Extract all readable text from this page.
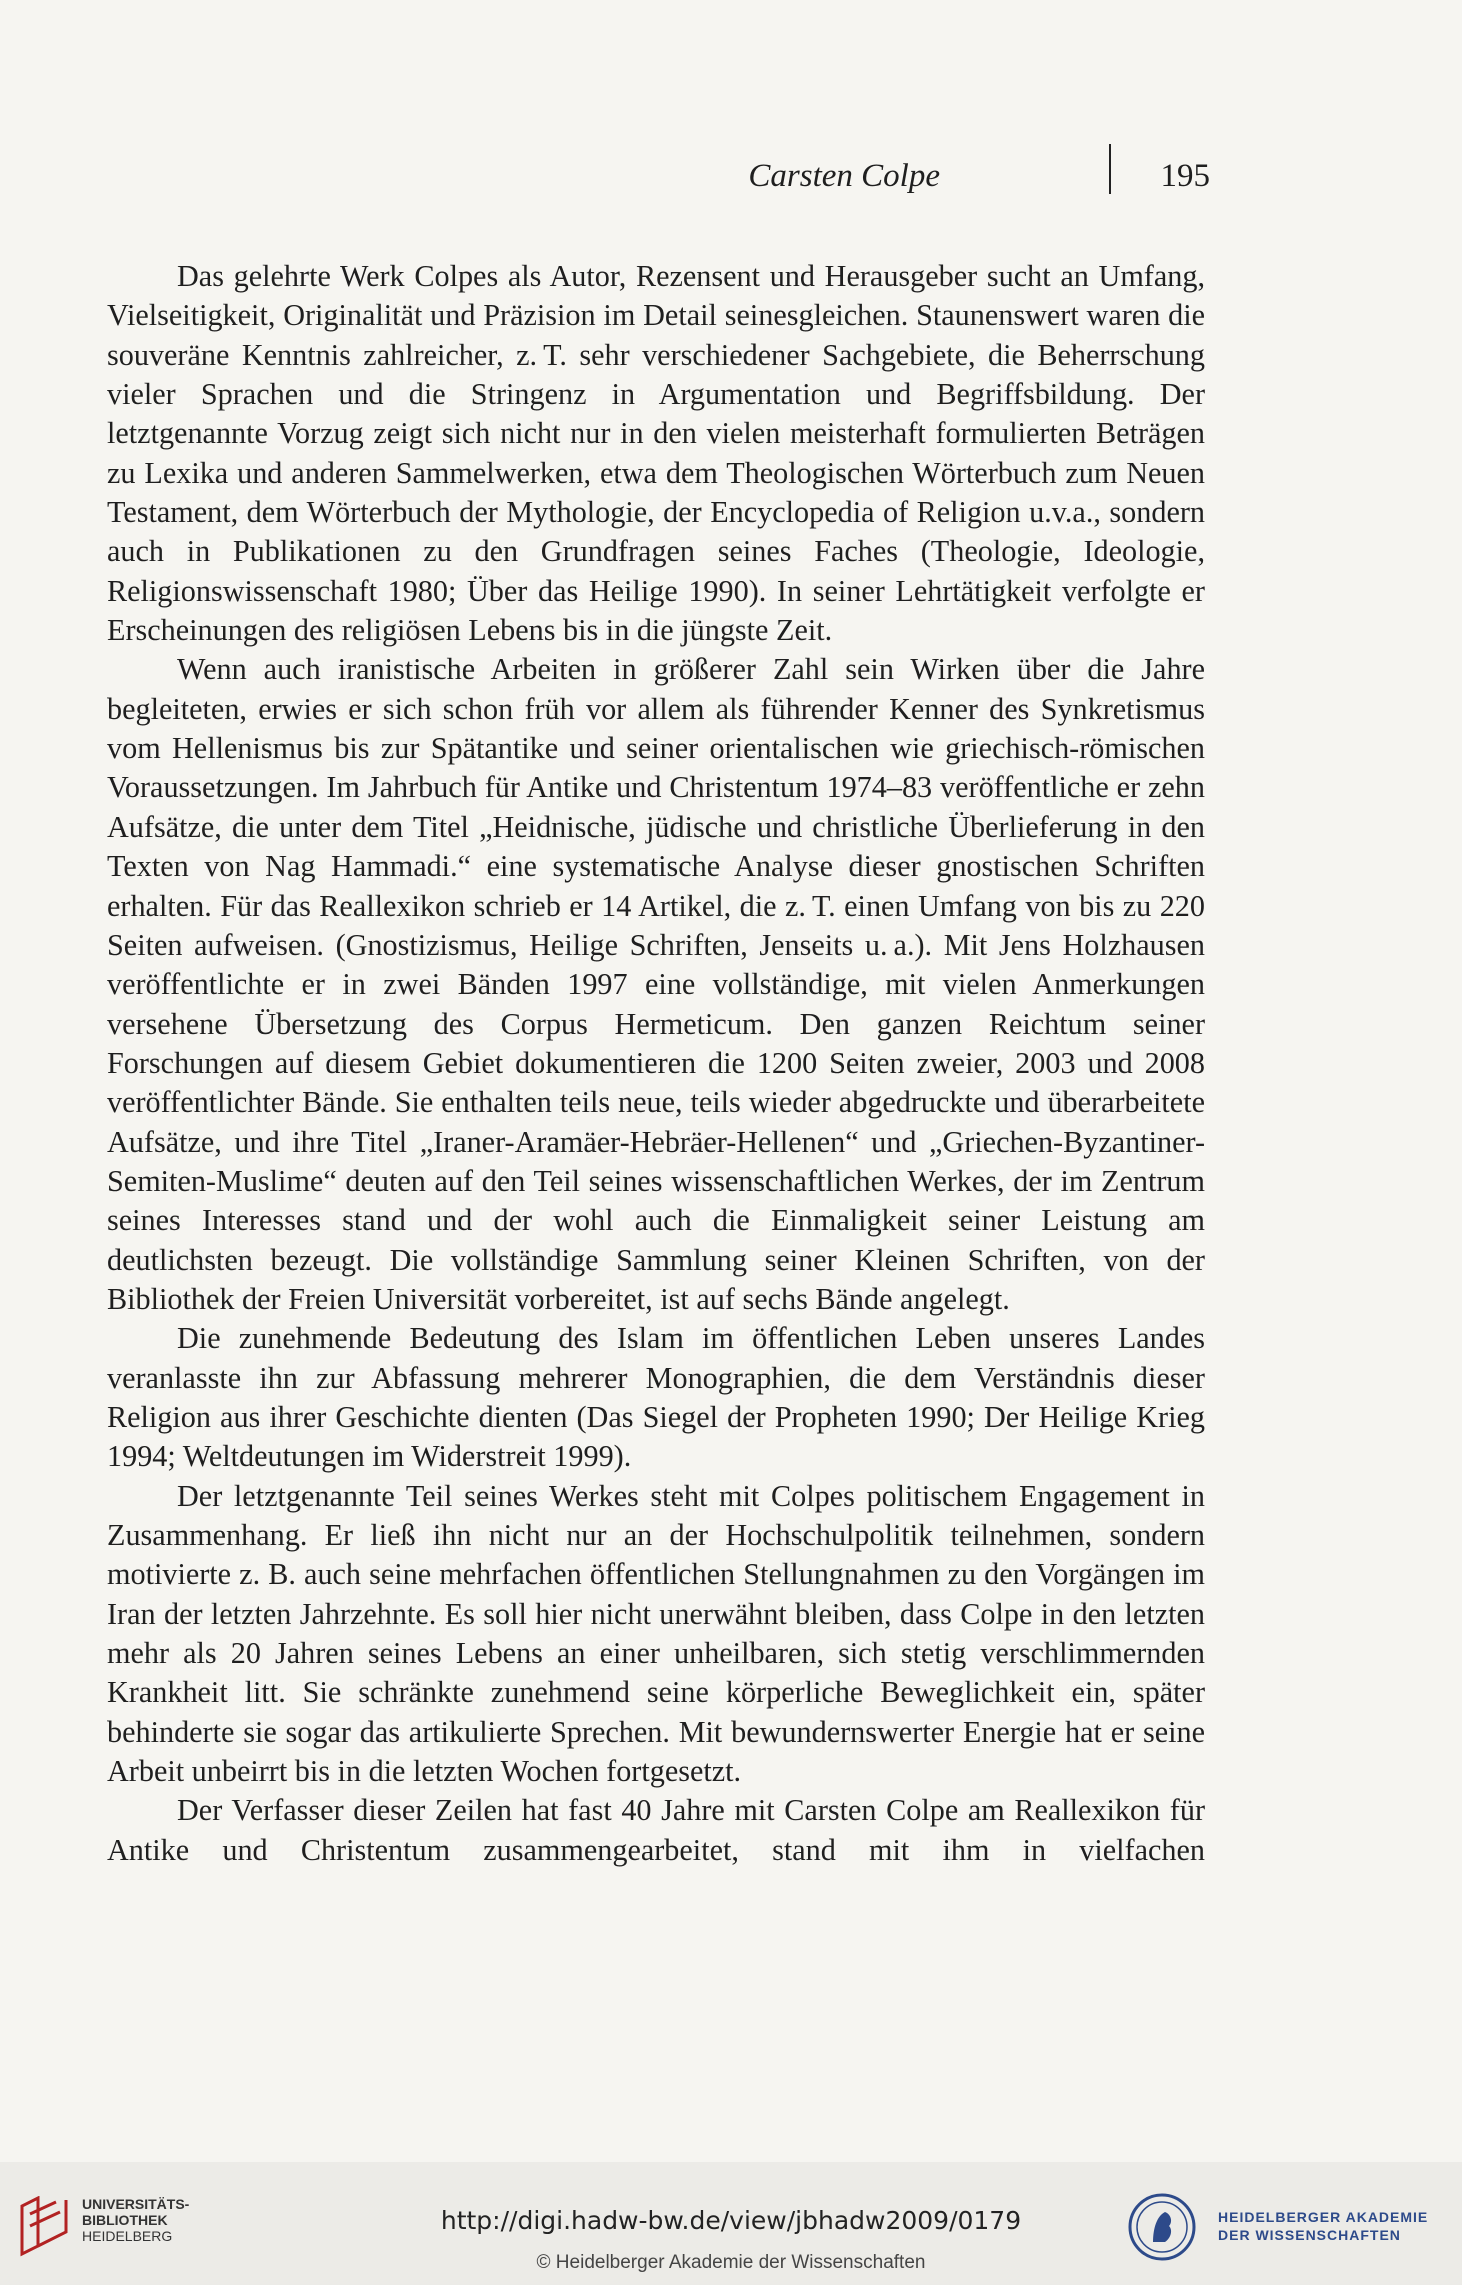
Carsten Colpe	195

Das gelehrte Werk Colpes als Autor, Rezensent und Herausgeber sucht an Umfang, Vielseitigkeit, Originalität und Präzision im Detail seinesgleichen. Staunenswert waren die souveräne Kenntnis zahlreicher, z. T. sehr verschiedener Sachgebiete, die Beherrschung vieler Sprachen und die Stringenz in Argumentation und Begriffsbildung. Der letztgenannte Vorzug zeigt sich nicht nur in den vielen meisterhaft formulierten Beträgen zu Lexika und anderen Sammelwerken, etwa dem Theologischen Wörterbuch zum Neuen Testament, dem Wörterbuch der Mythologie, der Encyclopedia of Religion u.v.a., sondern auch in Publikationen zu den Grundfragen seines Faches (Theologie, Ideologie, Religionswissenschaft 1980; Über das Heilige 1990). In seiner Lehrtätigkeit verfolgte er Erscheinungen des religiösen Lebens bis in die jüngste Zeit.

Wenn auch iranistische Arbeiten in größerer Zahl sein Wirken über die Jahre begleiteten, erwies er sich schon früh vor allem als führender Kenner des Synkretismus vom Hellenismus bis zur Spätantike und seiner orientalischen wie griechisch-römischen Voraussetzungen. Im Jahrbuch für Antike und Christentum 1974–83 veröffentliche er zehn Aufsätze, die unter dem Titel „Heidnische, jüdische und christliche Überlieferung in den Texten von Nag Hammadi.“ eine systematische Analyse dieser gnostischen Schriften erhalten. Für das Reallexikon schrieb er 14 Artikel, die z. T. einen Umfang von bis zu 220 Seiten aufweisen. (Gnostizismus, Heilige Schriften, Jenseits u. a.). Mit Jens Holzhausen veröffentlichte er in zwei Bänden 1997 eine vollständige, mit vielen Anmerkungen versehene Übersetzung des Corpus Hermeticum. Den ganzen Reichtum seiner Forschungen auf diesem Gebiet dokumentieren die 1200 Seiten zweier, 2003 und 2008 veröffentlichter Bände. Sie enthalten teils neue, teils wieder abgedruckte und überarbeitete Aufsätze, und ihre Titel „Iraner-Aramäer-Hebräer-Hellenen“ und „Griechen-Byzantiner-Semiten-Muslime“ deuten auf den Teil seines wissenschaftlichen Werkes, der im Zentrum seines Interesses stand und der wohl auch die Einmaligkeit seiner Leistung am deutlichsten bezeugt. Die vollständige Sammlung seiner Kleinen Schriften, von der Bibliothek der Freien Universität vorbereitet, ist auf sechs Bände angelegt.

Die zunehmende Bedeutung des Islam im öffentlichen Leben unseres Landes veranlasste ihn zur Abfassung mehrerer Monographien, die dem Verständnis dieser Religion aus ihrer Geschichte dienten (Das Siegel der Propheten 1990; Der Heilige Krieg 1994; Weltdeutungen im Widerstreit 1999).

Der letztgenannte Teil seines Werkes steht mit Colpes politischem Engagement in Zusammenhang. Er ließ ihn nicht nur an der Hochschulpolitik teilnehmen, sondern motivierte z. B. auch seine mehrfachen öffentlichen Stellungnahmen zu den Vorgängen im Iran der letzten Jahrzehnte. Es soll hier nicht unerwähnt bleiben, dass Colpe in den letzten mehr als 20 Jahren seines Lebens an einer unheilbaren, sich stetig verschlimmernden Krankheit litt. Sie schränkte zunehmend seine körperliche Beweglichkeit ein, später behinderte sie sogar das artikulierte Sprechen. Mit bewundernswerter Energie hat er seine Arbeit unbeirrt bis in die letzten Wochen fortgesetzt.

Der Verfasser dieser Zeilen hat fast 40 Jahre mit Carsten Colpe am Reallexikon für Antike und Christentum zusammengearbeitet, stand mit ihm in vielfachen

UNIVERSITÄTS-
BIBLIOTHEK
HEIDELBERG
http://digi.hadw-bw.de/view/jbhadw2009/0179
© Heidelberger Akademie der Wissenschaften
HEIDELBERGER AKADEMIE
DER WISSENSCHAFTEN
